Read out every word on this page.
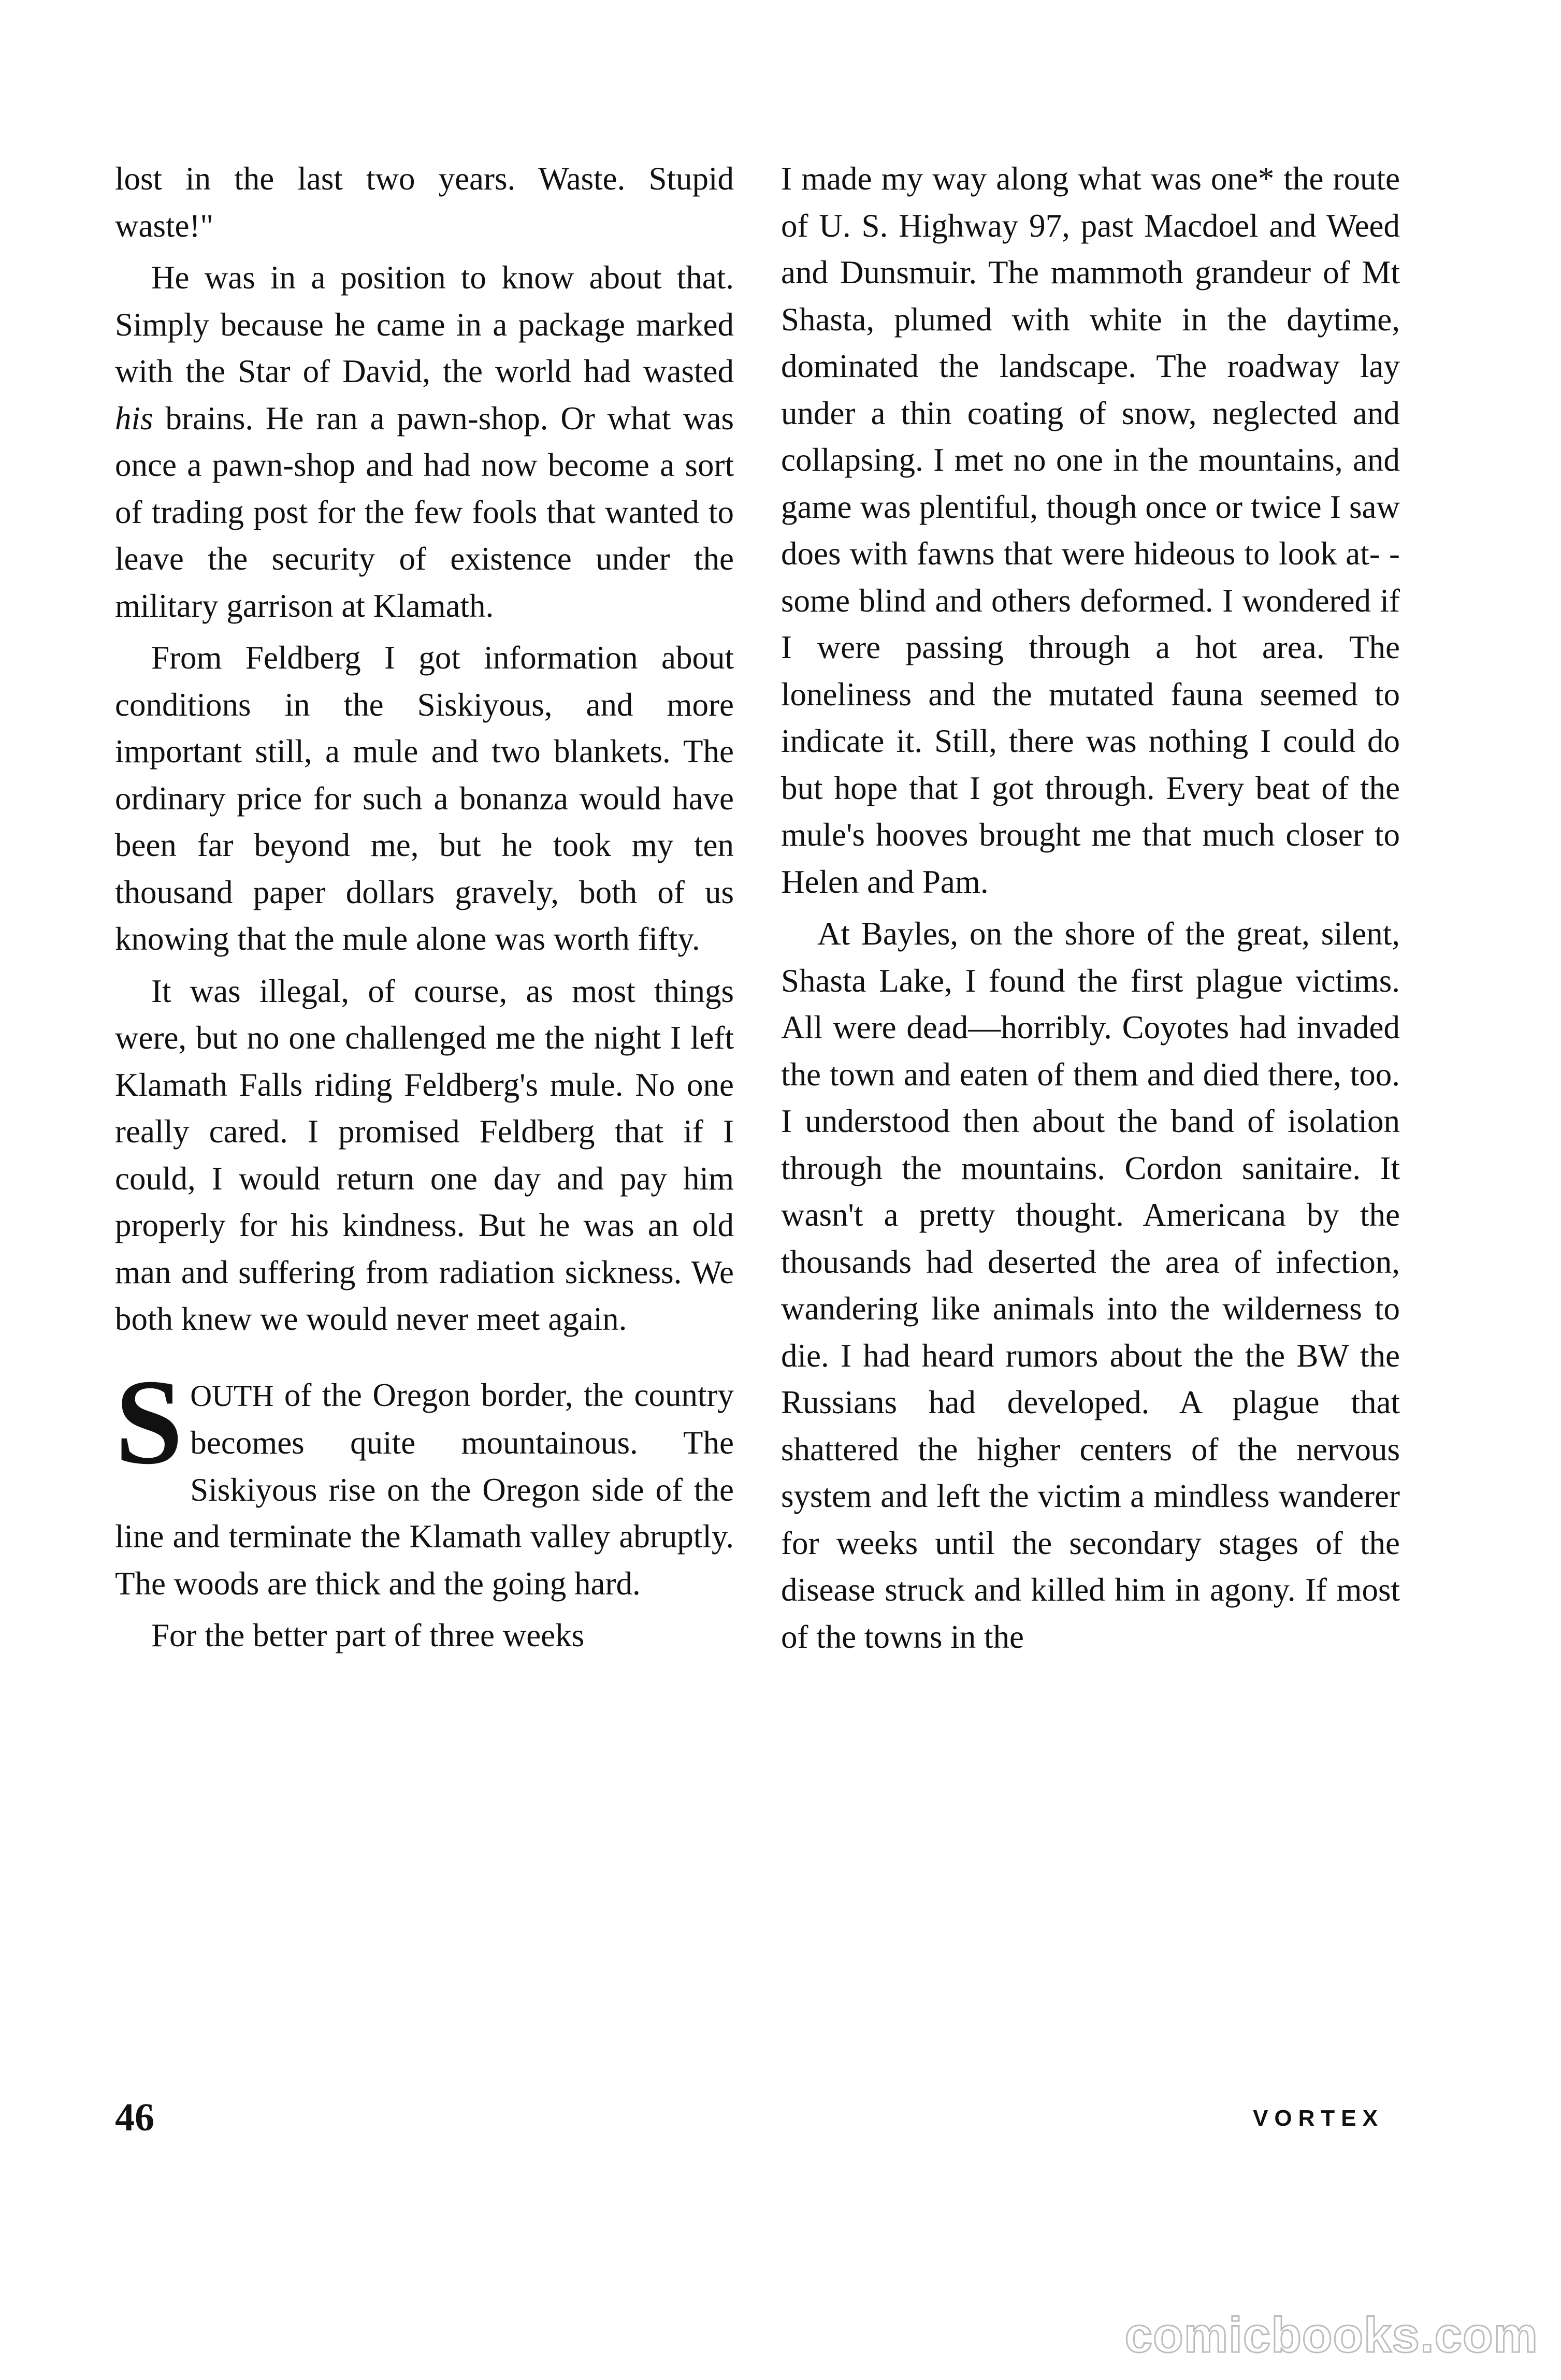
lost in the last two years. Waste. Stupid waste!"

He was in a position to know about that. Simply because he came in a package marked with the Star of David, the world had wasted his brains. He ran a pawn-shop. Or what was once a pawn-shop and had now become a sort of trading post for the few fools that wanted to leave the security of existence under the military garrison at Klamath.

From Feldberg I got information about conditions in the Siskiyous, and more important still, a mule and two blankets. The ordinary price for such a bonanza would have been far beyond me, but he took my ten thousand paper dollars gravely, both of us knowing that the mule alone was worth fifty.

It was illegal, of course, as most things were, but no one challenged me the night I left Klamath Falls riding Feldberg's mule. No one really cared. I promised Feldberg that if I could, I would return one day and pay him properly for his kindness. But he was an old man and suffering from radiation sickness. We both knew we would never meet again.

SOUTH of the Oregon border, the country becomes quite mountainous. The Siskiyous rise on the Oregon side of the line and terminate the Klamath valley abruptly. The woods are thick and the going hard.

For the better part of three weeks

I made my way along what was one* the route of U. S. Highway 97, past Macdoel and Weed and Dunsmuir. The mammoth grandeur of Mt Shasta, plumed with white in the daytime, dominated the landscape. The roadway lay under a thin coating of snow, neglected and collapsing. I met no one in the mountains, and game was plentiful, though once or twice I saw does with fawns that were hideous to look at- -some blind and others deformed. I wondered if I were passing through a hot area. The loneliness and the mutated fauna seemed to indicate it. Still, there was nothing I could do but hope that I got through. Every beat of the mule's hooves brought me that much closer to Helen and Pam.

At Bayles, on the shore of the great, silent, Shasta Lake, I found the first plague victims. All were dead—horribly. Coyotes had invaded the town and eaten of them and died there, too. I understood then about the band of isolation through the mountains. Cordon sanitaire. It wasn't a pretty thought. Americana by the thousands had deserted the area of infection, wandering like animals into the wilderness to die. I had heard rumors about the the BW the Russians had developed. A plague that shattered the higher centers of the nervous system and left the victim a mindless wanderer for weeks until the secondary stages of the disease struck and killed him in agony. If most of the towns in the

46	VORTEX
comicbooks.com
